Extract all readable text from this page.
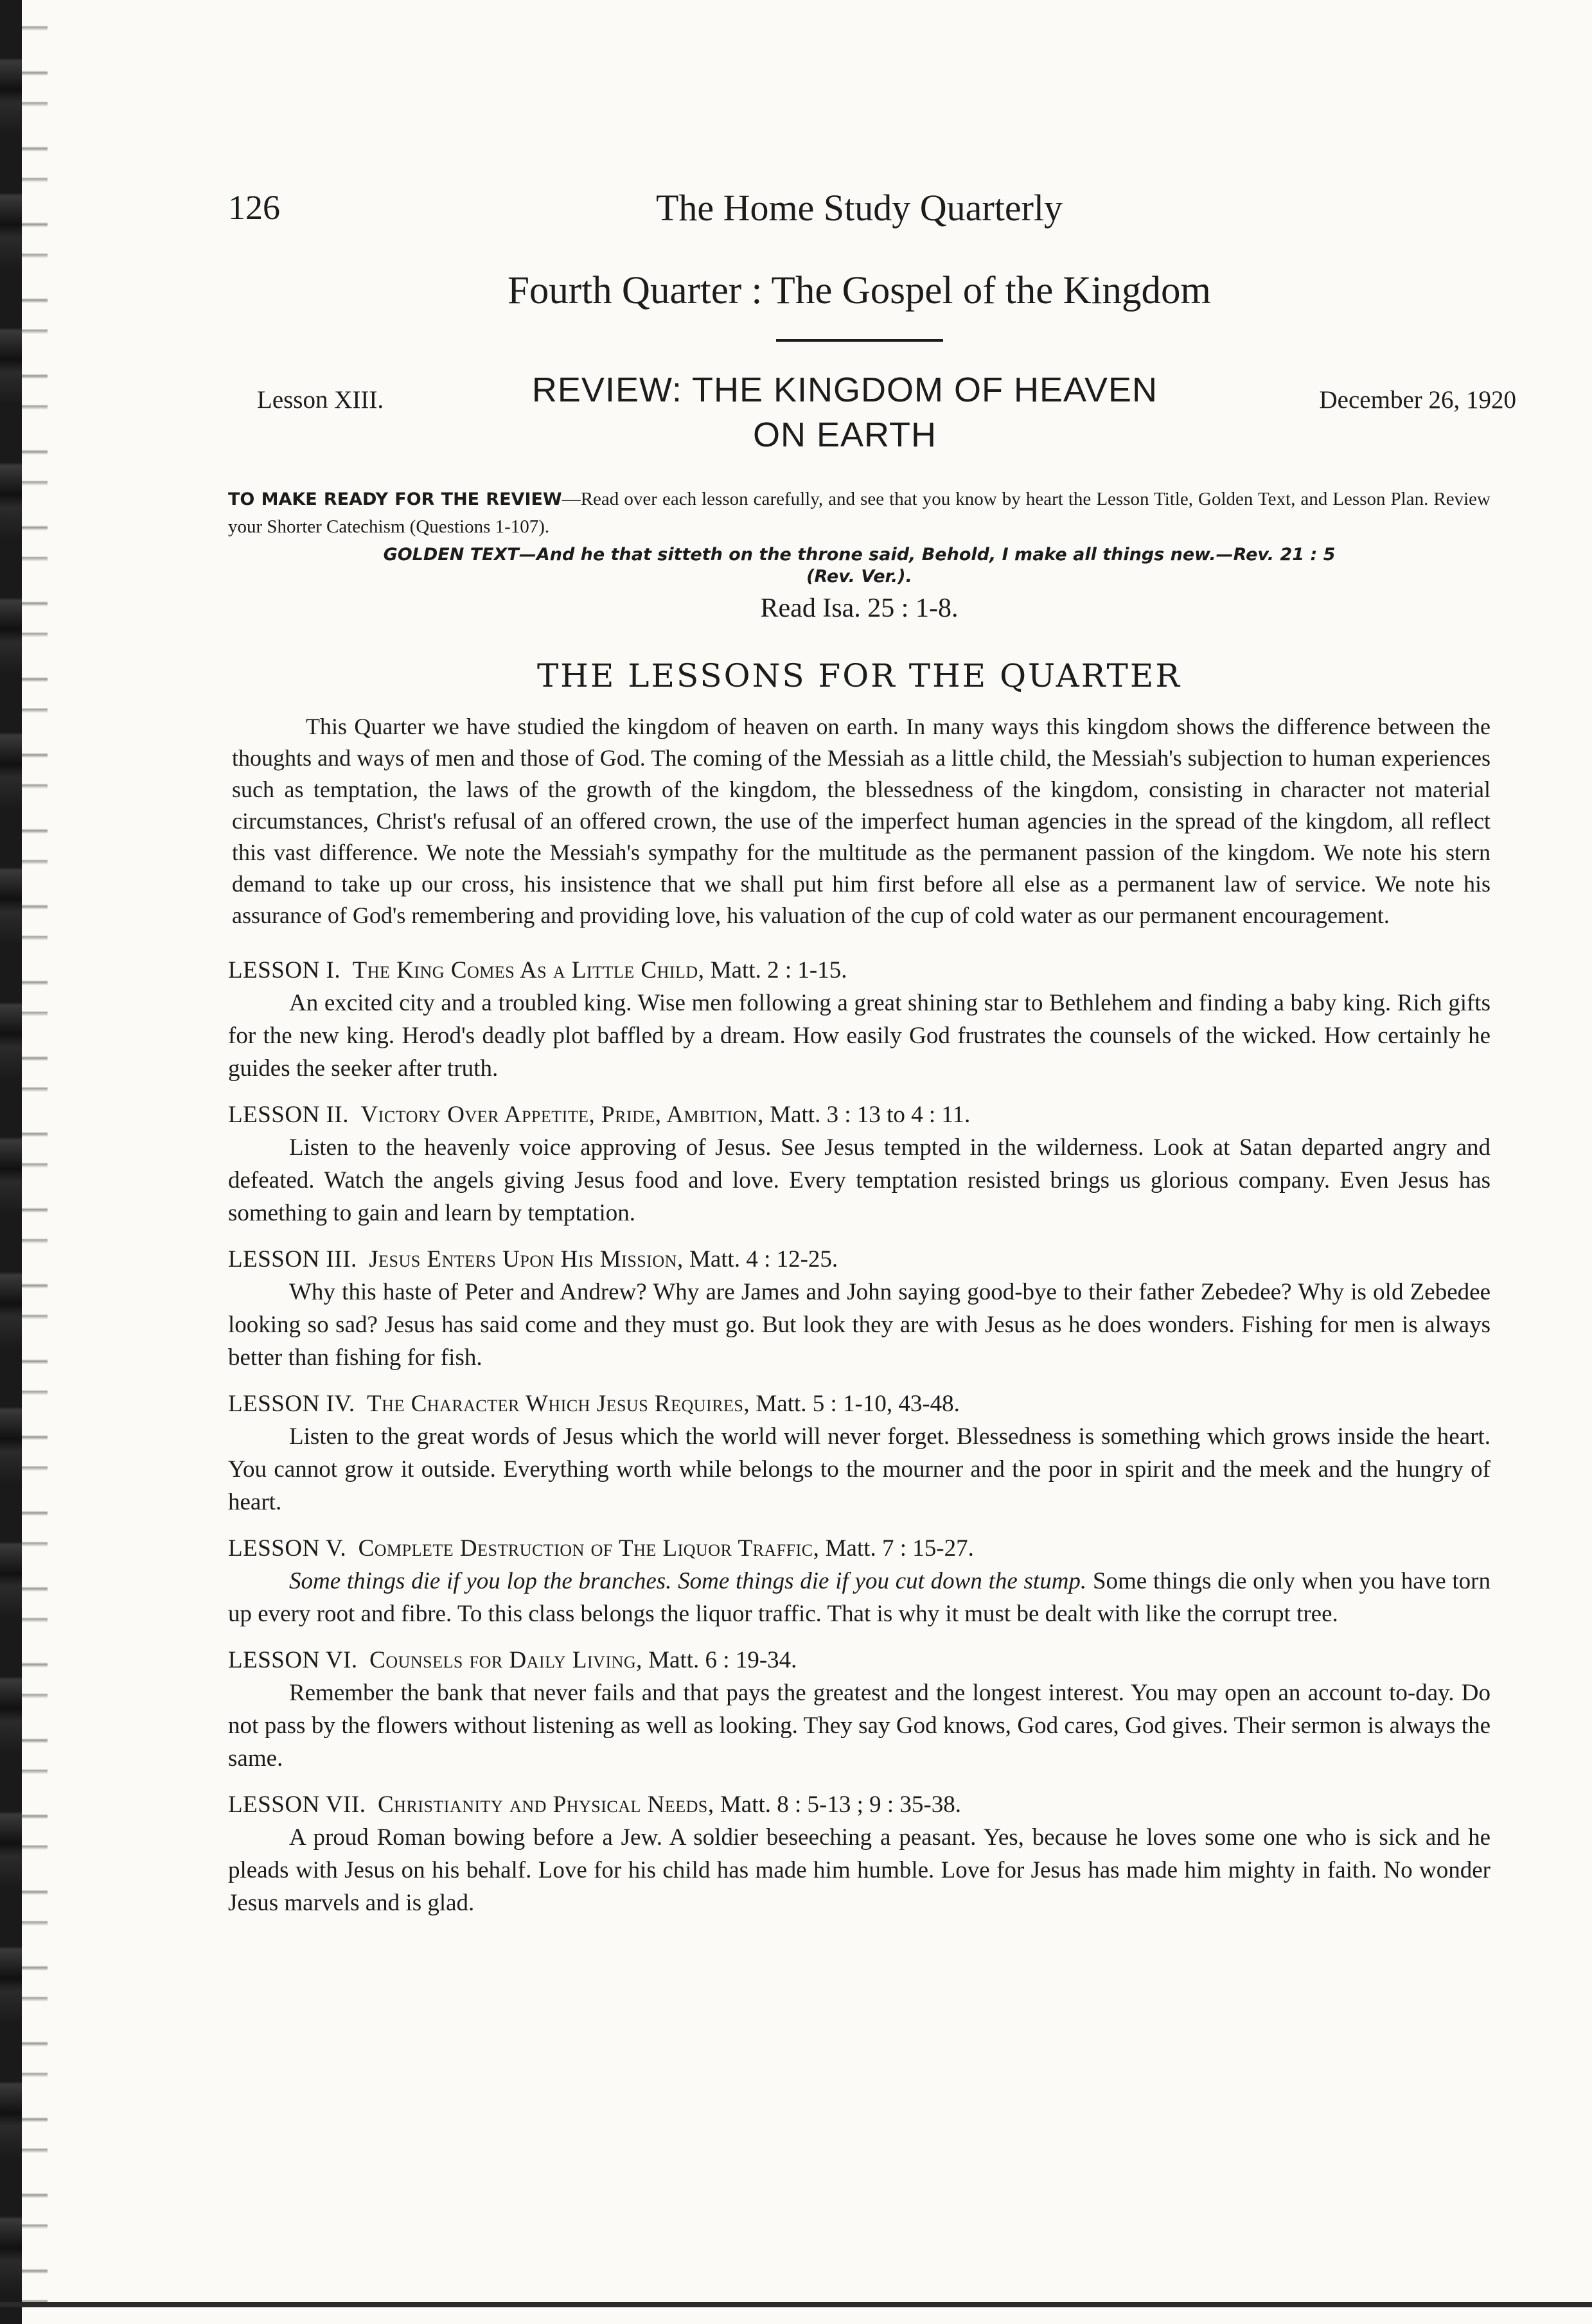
126	The Home Study Quarterly
Fourth Quarter : The Gospel of the Kingdom
Lesson XIII.	REVIEW: THE KINGDOM OF HEAVEN
ON EARTH
December 26, 1920
TO MAKE READY FOR THE REVIEW—Read over each lesson carefully, and see that you know by heart the Lesson Title, Golden Text, and Lesson Plan. Review your Shorter Catechism (Questions 1-107).
GOLDEN TEXT—And he that sitteth on the throne said, Behold, I make all things new.—Rev. 21 : 5
(Rev. Ver.).
Read Isa. 25 : 1-8.
THE LESSONS FOR THE QUARTER

This Quarter we have studied the kingdom of heaven on earth. In many ways this kingdom shows the difference between the thoughts and ways of men and those of God. The coming of the Messiah as a little child, the Messiah's subjection to human experiences such as temptation, the laws of the growth of the kingdom, the blessedness of the kingdom, consisting in character not material circumstances, Christ's refusal of an offered crown, the use of the imperfect human agencies in the spread of the kingdom, all reflect this vast difference. We note the Messiah's sympathy for the multitude as the permanent passion of the kingdom. We note his stern demand to take up our cross, his insistence that we shall put him first before all else as a permanent law of service. We note his assurance of God's remembering and providing love, his valuation of the cup of cold water as our permanent encouragement.

LESSON I. The King Comes As a Little Child, Matt. 2 : 1-15.
An excited city and a troubled king. Wise men following a great shining star to Bethlehem and finding a baby king. Rich gifts for the new king. Herod's deadly plot baffled by a dream. How easily God frustrates the counsels of the wicked. How certainly he guides the seeker after truth.
LESSON II. Victory Over Appetite, Pride, Ambition, Matt. 3 : 13 to 4 : 11.
Listen to the heavenly voice approving of Jesus. See Jesus tempted in the wilderness. Look at Satan departed angry and defeated. Watch the angels giving Jesus food and love. Every temptation resisted brings us glorious company. Even Jesus has something to gain and learn by temptation.
LESSON III. Jesus Enters Upon His Mission, Matt. 4 : 12-25.
Why this haste of Peter and Andrew? Why are James and John saying good-bye to their father Zebedee? Why is old Zebedee looking so sad? Jesus has said come and they must go. But look they are with Jesus as he does wonders. Fishing for men is always better than fishing for fish.
LESSON IV. The Character Which Jesus Requires, Matt. 5 : 1-10, 43-48.
Listen to the great words of Jesus which the world will never forget. Blessedness is something which grows inside the heart. You cannot grow it outside. Everything worth while belongs to the mourner and the poor in spirit and the meek and the hungry of heart.
LESSON V. Complete Destruction of The Liquor Traffic, Matt. 7 : 15-27.
Some things die if you lop the branches. Some things die if you cut down the stump. Some things die only when you have torn up every root and fibre. To this class belongs the liquor traffic. That is why it must be dealt with like the corrupt tree.
LESSON VI. Counsels for Daily Living, Matt. 6 : 19-34.
Remember the bank that never fails and that pays the greatest and the longest interest. You may open an account to-day. Do not pass by the flowers without listening as well as looking. They say God knows, God cares, God gives. Their sermon is always the same.
LESSON VII. Christianity and Physical Needs, Matt. 8 : 5-13 ; 9 : 35-38.
A proud Roman bowing before a Jew. A soldier beseeching a peasant. Yes, because he loves some one who is sick and he pleads with Jesus on his behalf. Love for his child has made him humble. Love for Jesus has made him mighty in faith. No wonder Jesus marvels and is glad.
